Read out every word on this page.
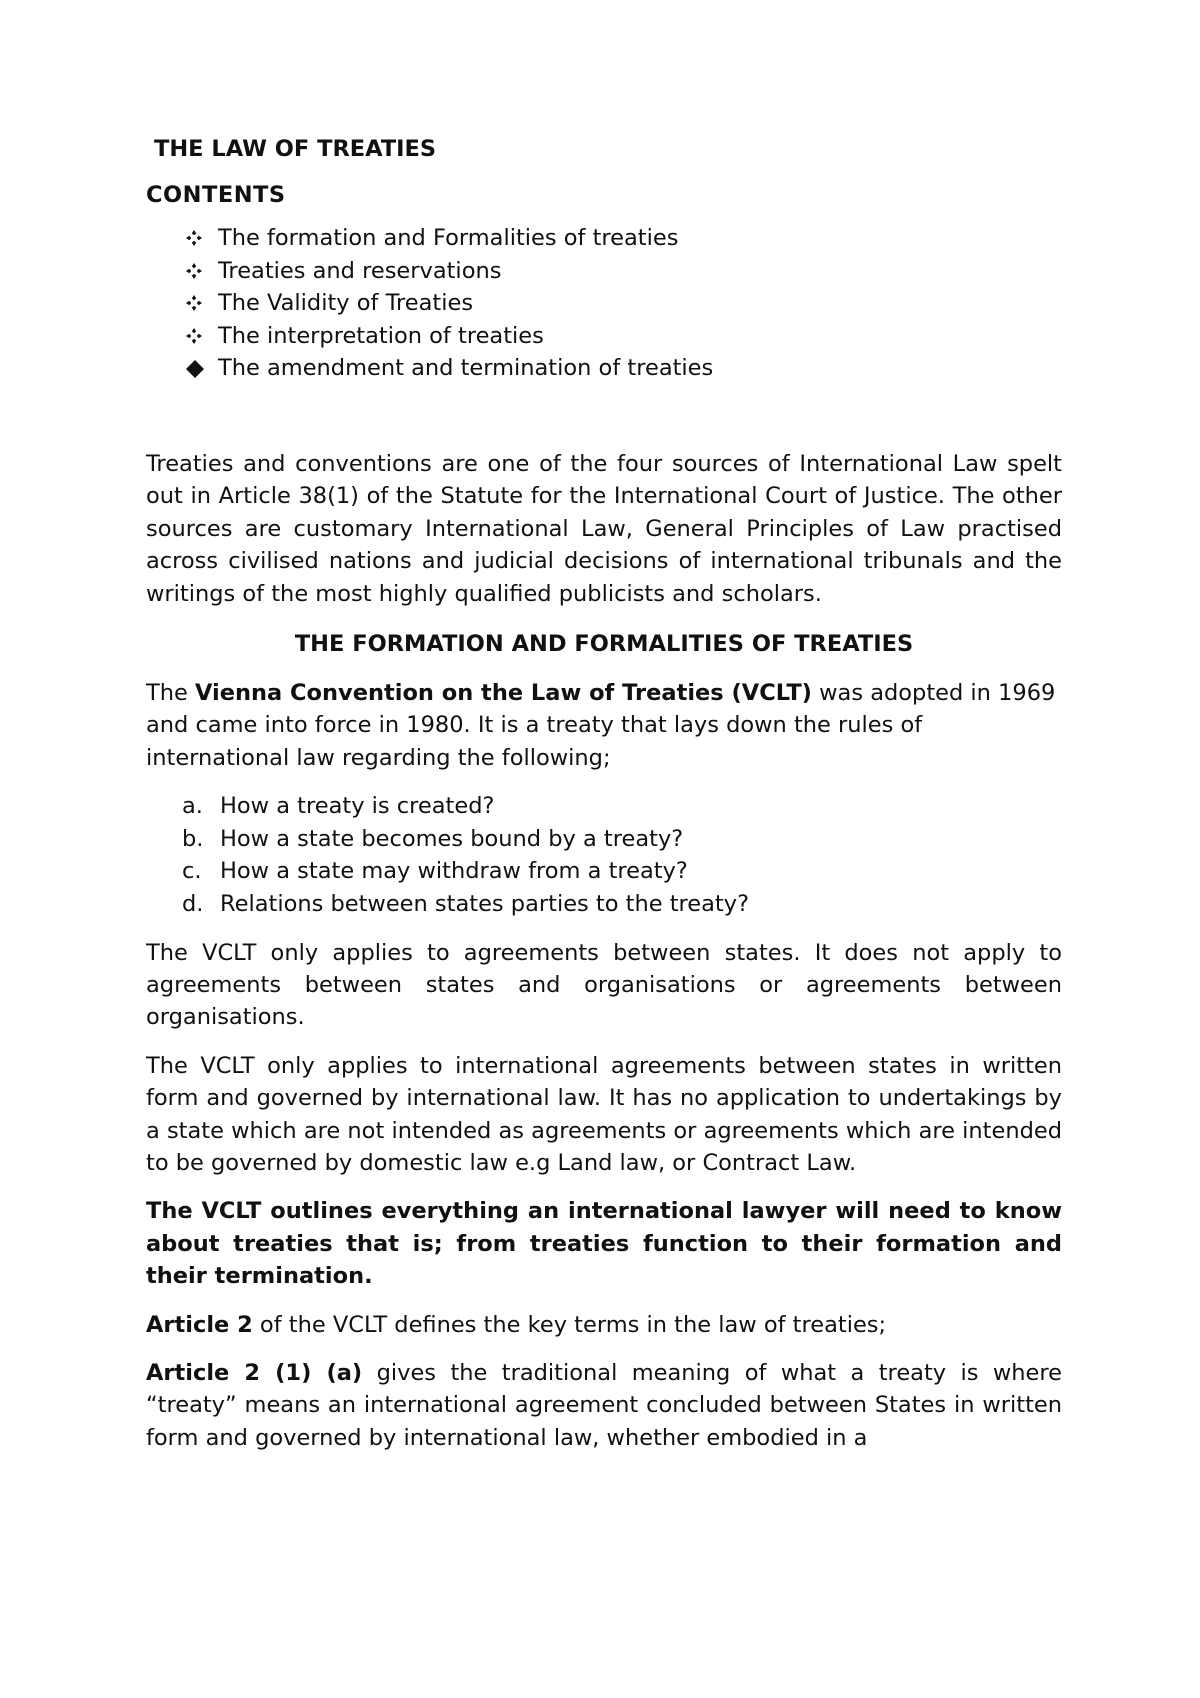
THE LAW OF TREATIES
CONTENTS
The formation and Formalities of treaties
Treaties and reservations
The Validity of Treaties
The interpretation of treaties
The amendment and termination of treaties

Treaties and conventions are one of the four sources of International Law spelt out in Article 38(1) of the Statute for the International Court of Justice. The other sources are customary International Law, General Principles of Law practised across civilised nations and judicial decisions of international tribunals and the writings of the most highly qualified publicists and scholars.

THE FORMATION AND FORMALITIES OF TREATIES

The Vienna Convention on the Law of Treaties (VCLT) was adopted in 1969 and came into force in 1980. It is a treaty that lays down the rules of international law regarding the following;

a. How a treaty is created?
b. How a state becomes bound by a treaty?
c. How a state may withdraw from a treaty?
d. Relations between states parties to the treaty?

The VCLT only applies to agreements between states. It does not apply to agreements between states and organisations or agreements between organisations.

The VCLT only applies to international agreements between states in written form and governed by international law. It has no application to undertakings by a state which are not intended as agreements or agreements which are intended to be governed by domestic law e.g Land law, or Contract Law.

The VCLT outlines everything an international lawyer will need to know about treaties that is; from treaties function to their formation and their termination.

Article 2 of the VCLT defines the key terms in the law of treaties;

Article 2 (1) (a) gives the traditional meaning of what a treaty is where “treaty” means an international agreement concluded between States in written form and governed by international law, whether embodied in a
